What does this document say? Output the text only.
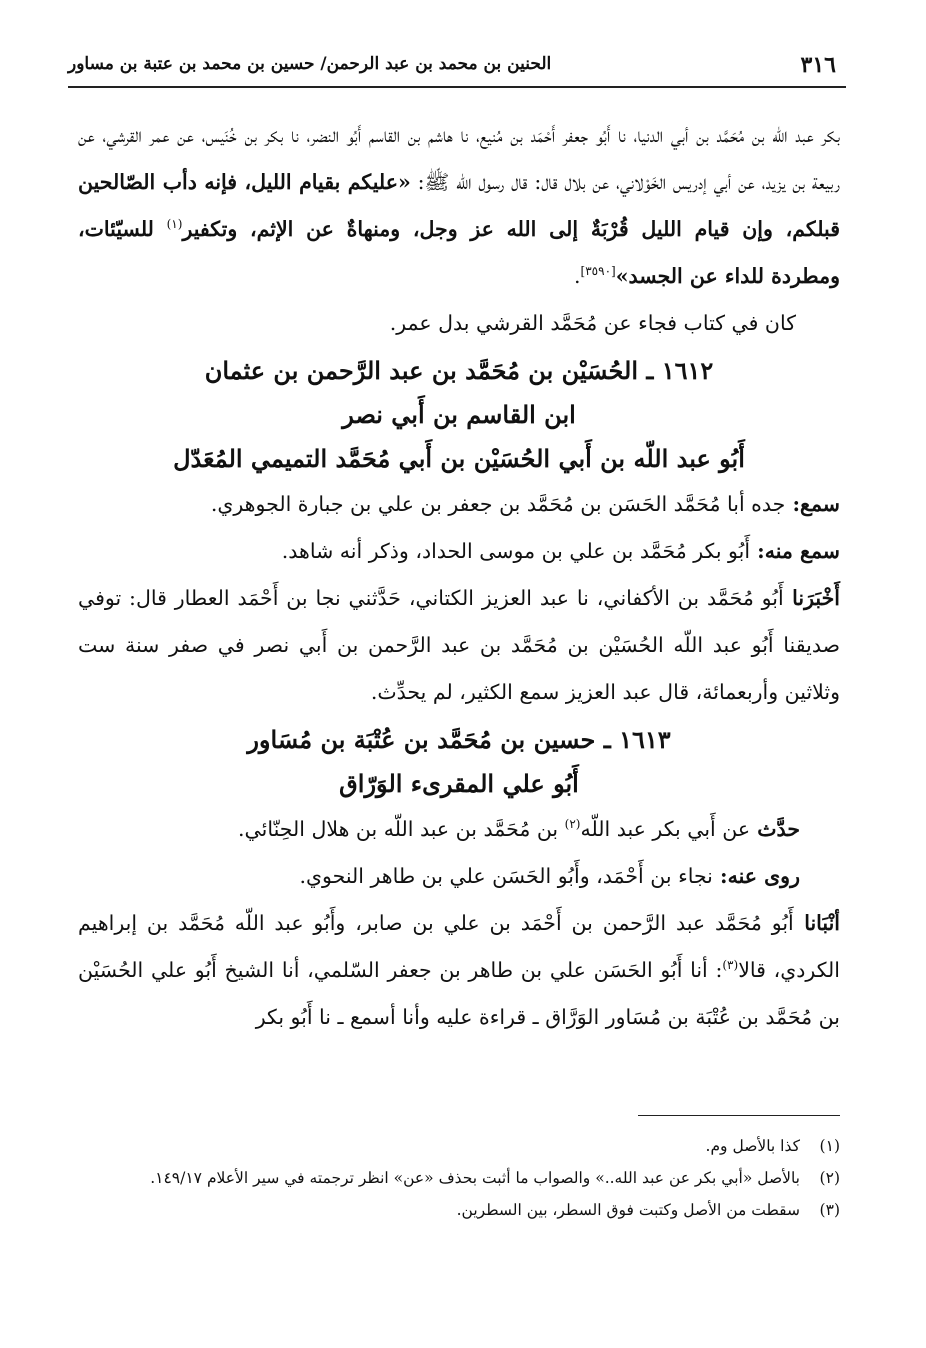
٣١٦
الحنين بن محمد بن عبد الرحمن/ حسين بن محمد بن عتبة بن مساور

بكر عبد الله بن مُحَمَّد بن أبي الدنيا، نا أَبُو جعفر أَحْمَد بن مُنيع، نا هاشم بن القاسم أَبُو النضر، نا بكر بن خُنَيس، عن عمر القرشي، عن ربيعة بن يزيد، عن أبي إدريس الخَوْلاني، عن بلال قال: قال رسول الله ﷺ: «عليكم بقيام الليل، فإنه دأب الصّالحين قبلكم، وإن قيام الليل قُرْبَةٌ إلى الله عز وجل، ومنهاةٌ عن الإثم، وتكفير$^{(١)}$ للسيّئات، ومطردة للداء عن الجسد»[٣٥٩٠].

كان في كتاب فجاء عن مُحَمَّد القرشي بدل عمر.

١٦١٢ ـ الحُسَيْن بن مُحَمَّد بن عبد الرَّحمن بن عثمان
ابن القاسم بن أَبي نصر
أَبُو عبد اللّه بن أَبي الحُسَيْن بن أَبي مُحَمَّد التميمي المُعَدّل

سمع: جده أبا مُحَمَّد الحَسَن بن مُحَمَّد بن جعفر بن علي بن جبارة الجوهري.

سمع منه: أَبُو بكر مُحَمَّد بن علي بن موسى الحداد، وذكر أنه شاهد.

أَخْبَرَنا أَبُو مُحَمَّد بن الأكفاني، نا عبد العزيز الكتاني، حَدَّثني نجا بن أَحْمَد العطار قال: توفي صديقنا أَبُو عبد اللّه الحُسَيْن بن مُحَمَّد بن عبد الرَّحمن بن أَبي نصر في صفر سنة ست وثلاثين وأربعمائة، قال عبد العزيز سمع الكثير، لم يحدِّث.

١٦١٣ ـ حسين بن مُحَمَّد بن عُتْبَة بن مُسَاور
أَبُو علي المقرىء الوَرّاق

حدَّث عن أَبي بكر عبد اللّه$^{(٢)}$ بن مُحَمَّد بن عبد اللّه بن هلال الحِنّائي.

روى عنه: نجاء بن أَحْمَد، وأَبُو الحَسَن علي بن طاهر النحوي.

أنْبَانا أَبُو مُحَمَّد عبد الرَّحمن بن أَحْمَد بن علي بن صابر، وأَبُو عبد اللّه مُحَمَّد بن إبراهيم الكردي، قالا$^{(٣)}$: أنا أَبُو الحَسَن علي بن طاهر بن جعفر السّلمي، أنا الشيخ أَبُو علي الحُسَيْن بن مُحَمَّد بن عُتْبَة بن مُسَاور الوَرَّاق ـ قراءة عليه وأنا أسمع ـ نا أَبُو بكر

(١)
كذا بالأصل وم.
(٢)
بالأصل «أبي بكر عن عبد الله..» والصواب ما أثبت بحذف «عن» انظر ترجمته في سير الأعلام ١٤٩/١٧.
(٣)
سقطت من الأصل وكتبت فوق السطر، بين السطرين.
